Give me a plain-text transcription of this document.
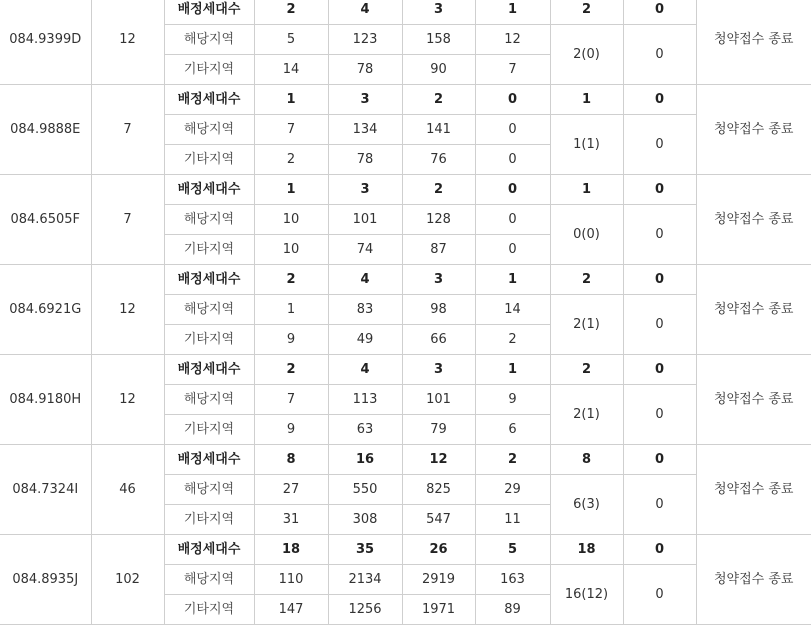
084.9399D	12	배정세대수	2	4	3	1	2	0	청약접수 종료
		해당지역	5	123	158	12	2(0)	0	
		기타지역	14	78	90	7			
084.9888E	7	배정세대수	1	3	2	0	1	0	청약접수 종료
		해당지역	7	134	141	0	1(1)	0	
		기타지역	2	78	76	0			
084.6505F	7	배정세대수	1	3	2	0	1	0	청약접수 종료
		해당지역	10	101	128	0	0(0)	0	
		기타지역	10	74	87	0			
084.6921G	12	배정세대수	2	4	3	1	2	0	청약접수 종료
		해당지역	1	83	98	14	2(1)	0	
		기타지역	9	49	66	2			
084.9180H	12	배정세대수	2	4	3	1	2	0	청약접수 종료
		해당지역	7	113	101	9	2(1)	0	
		기타지역	9	63	79	6			
084.7324I	46	배정세대수	8	16	12	2	8	0	청약접수 종료
		해당지역	27	550	825	29	6(3)	0	
		기타지역	31	308	547	11			
084.8935J	102	배정세대수	18	35	26	5	18	0	청약접수 종료
		해당지역	110	2134	2919	163	16(12)	0	
		기타지역	147	1256	1971	89			
